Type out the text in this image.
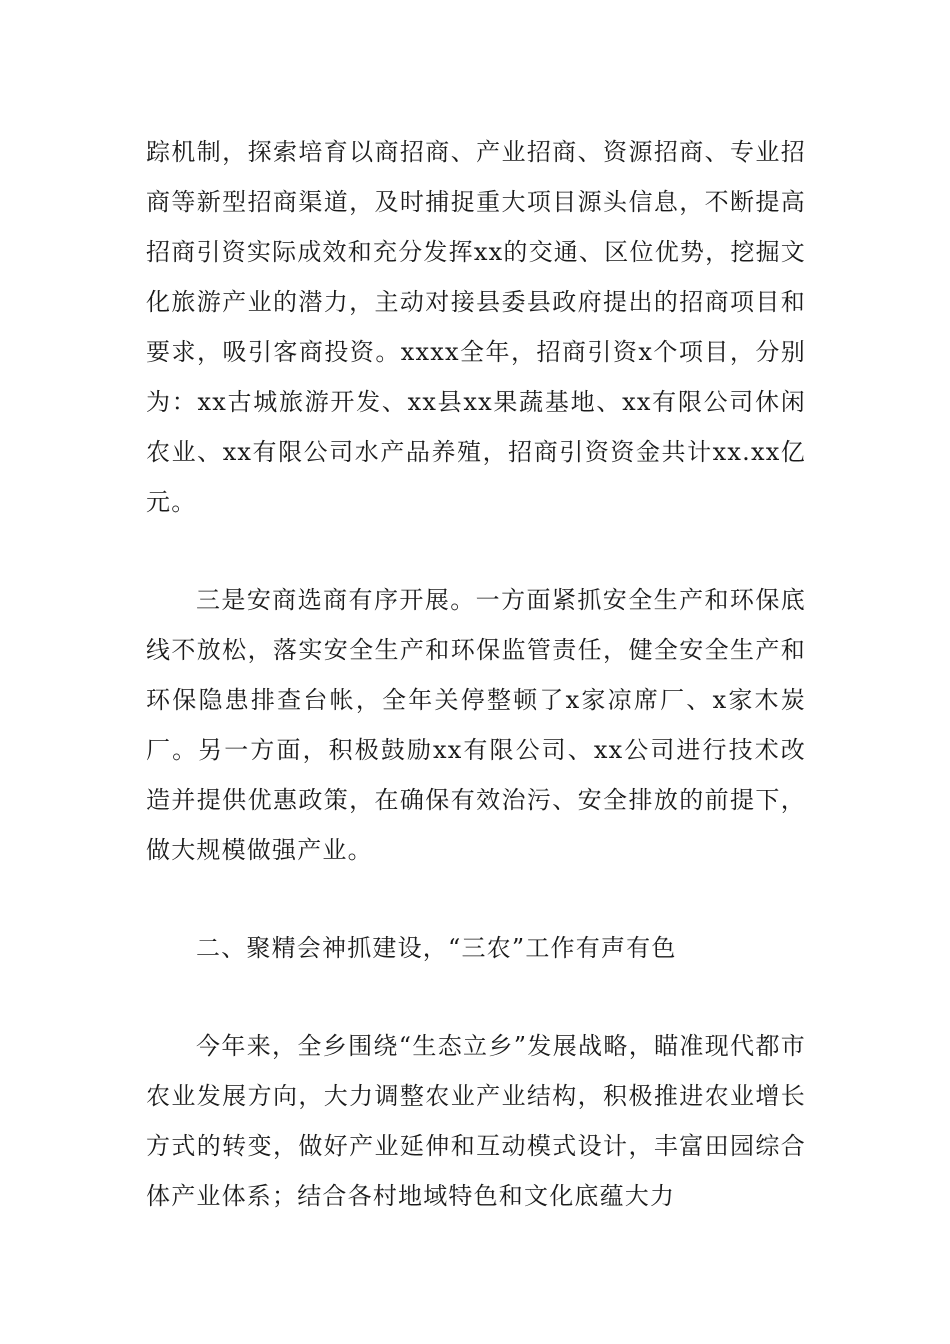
踪机制，探索培育以商招商、产业招商、资源招商、专业招商等新型招商渠道，及时捕捉重大项目源头信息，不断提高招商引资实际成效和充分发挥xx的交通、区位优势，挖掘文化旅游产业的潜力，主动对接县委县政府提出的招商项目和要求，吸引客商投资。xxxx全年，招商引资x个项目，分别为：xx古城旅游开发、xx县xx果蔬基地、xx有限公司休闲农业、xx有限公司水产品养殖，招商引资资金共计xx.xx亿元。

三是安商选商有序开展。一方面紧抓安全生产和环保底线不放松，落实安全生产和环保监管责任，健全安全生产和环保隐患排查台帐，全年关停整顿了x家凉席厂、x家木炭厂。另一方面，积极鼓励xx有限公司、xx公司进行技术改造并提供优惠政策，在确保有效治污、安全排放的前提下，做大规模做强产业。

二、聚精会神抓建设，“三农”工作有声有色

今年来，全乡围绕“生态立乡”发展战略，瞄准现代都市农业发展方向，大力调整农业产业结构，积极推进农业增长方式的转变，做好产业延伸和互动模式设计，丰富田园综合体产业体系；结合各村地域特色和文化底蕴大力
